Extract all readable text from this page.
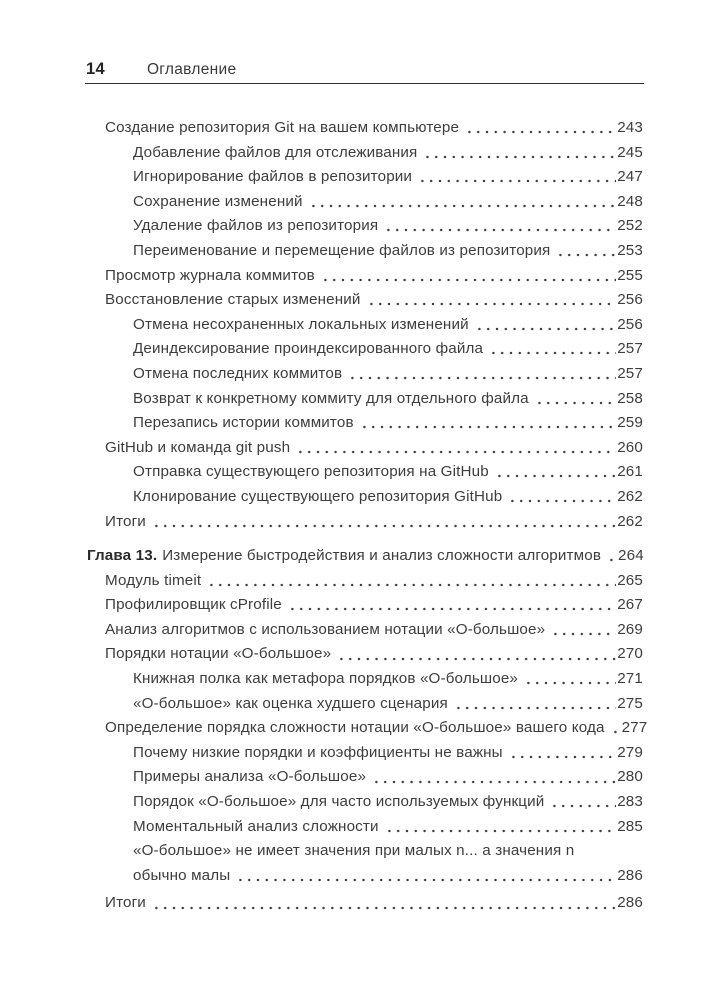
14	Оглавление
Создание репозитория Git на вашем компьютере	243
Добавление файлов для отслеживания	245
Игнорирование файлов в репозитории	247
Сохранение изменений	248
Удаление файлов из репозитория	252
Переименование и перемещение файлов из репозитория	253
Просмотр журнала коммитов	255
Восстановление старых изменений	256
Отмена несохраненных локальных изменений	256
Деиндексирование проиндексированного файла	257
Отмена последних коммитов	257
Возврат к конкретному коммиту для отдельного файла	258
Перезапись истории коммитов	259
GitHub и команда git push	260
Отправка существующего репозитория на GitHub	261
Клонирование существующего репозитория GitHub	262
Итоги	262
Глава 13. Измерение быстродействия и анализ сложности алгоритмов 264
Модуль timeit	265
Профилировщик cProfile	267
Анализ алгоритмов с использованием нотации «О-большое»	269
Порядки нотации «О-большое»	270
Книжная полка как метафора порядков «О-большое»	271
«О-большое» как оценка худшего сценария	275
Определение порядка сложности нотации «О-большое» вашего кода 277
Почему низкие порядки и коэффициенты не важны	279
Примеры анализа «О-большое»	280
Порядок «О-большое» для часто используемых функций	283
Моментальный анализ сложности	285
«О-большое» не имеет значения при малых n... а значения n
обычно малы	286
Итоги	286
